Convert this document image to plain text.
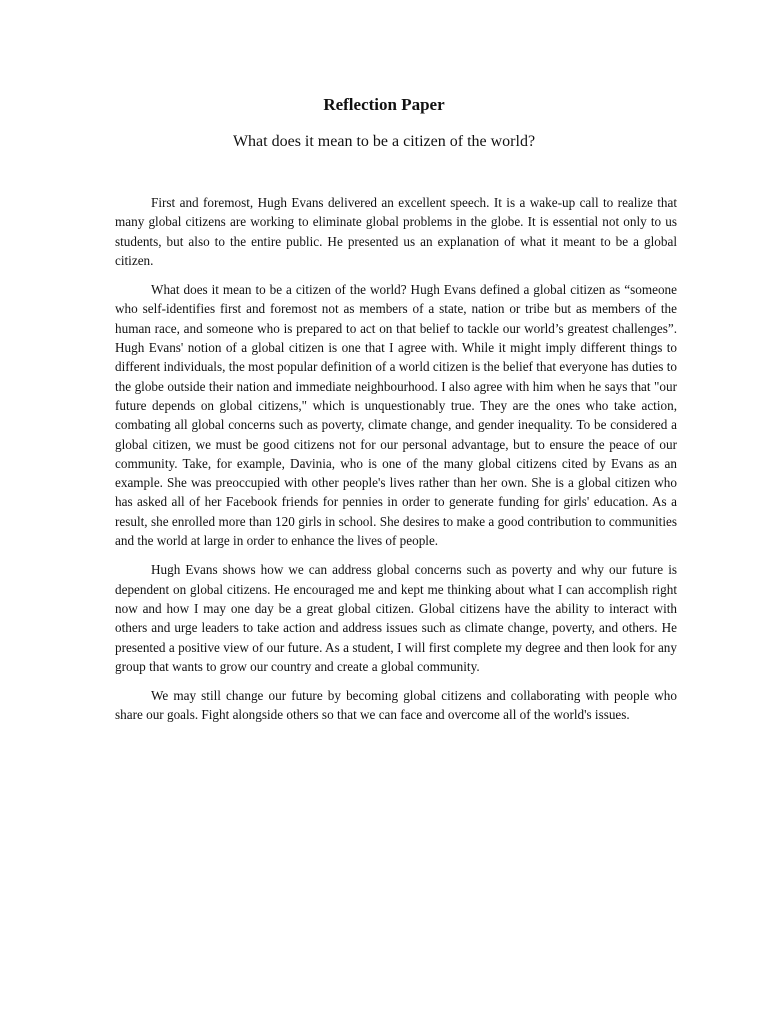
Reflection Paper
What does it mean to be a citizen of the world?

First and foremost, Hugh Evans delivered an excellent speech. It is a wake-up call to realize that many global citizens are working to eliminate global problems in the globe. It is essential not only to us students, but also to the entire public. He presented us an explanation of what it meant to be a global citizen.

What does it mean to be a citizen of the world? Hugh Evans defined a global citizen as “someone who self-identifies first and foremost not as members of a state, nation or tribe but as members of the human race, and someone who is prepared to act on that belief to tackle our world’s greatest challenges”. Hugh Evans' notion of a global citizen is one that I agree with. While it might imply different things to different individuals, the most popular definition of a world citizen is the belief that everyone has duties to the globe outside their nation and immediate neighbourhood. I also agree with him when he says that "our future depends on global citizens," which is unquestionably true. They are the ones who take action, combating all global concerns such as poverty, climate change, and gender inequality. To be considered a global citizen, we must be good citizens not for our personal advantage, but to ensure the peace of our community. Take, for example, Davinia, who is one of the many global citizens cited by Evans as an example. She was preoccupied with other people's lives rather than her own. She is a global citizen who has asked all of her Facebook friends for pennies in order to generate funding for girls' education. As a result, she enrolled more than 120 girls in school. She desires to make a good contribution to communities and the world at large in order to enhance the lives of people.

Hugh Evans shows how we can address global concerns such as poverty and why our future is dependent on global citizens. He encouraged me and kept me thinking about what I can accomplish right now and how I may one day be a great global citizen. Global citizens have the ability to interact with others and urge leaders to take action and address issues such as climate change, poverty, and others. He presented a positive view of our future. As a student, I will first complete my degree and then look for any group that wants to grow our country and create a global community.

We may still change our future by becoming global citizens and collaborating with people who share our goals. Fight alongside others so that we can face and overcome all of the world's issues.
